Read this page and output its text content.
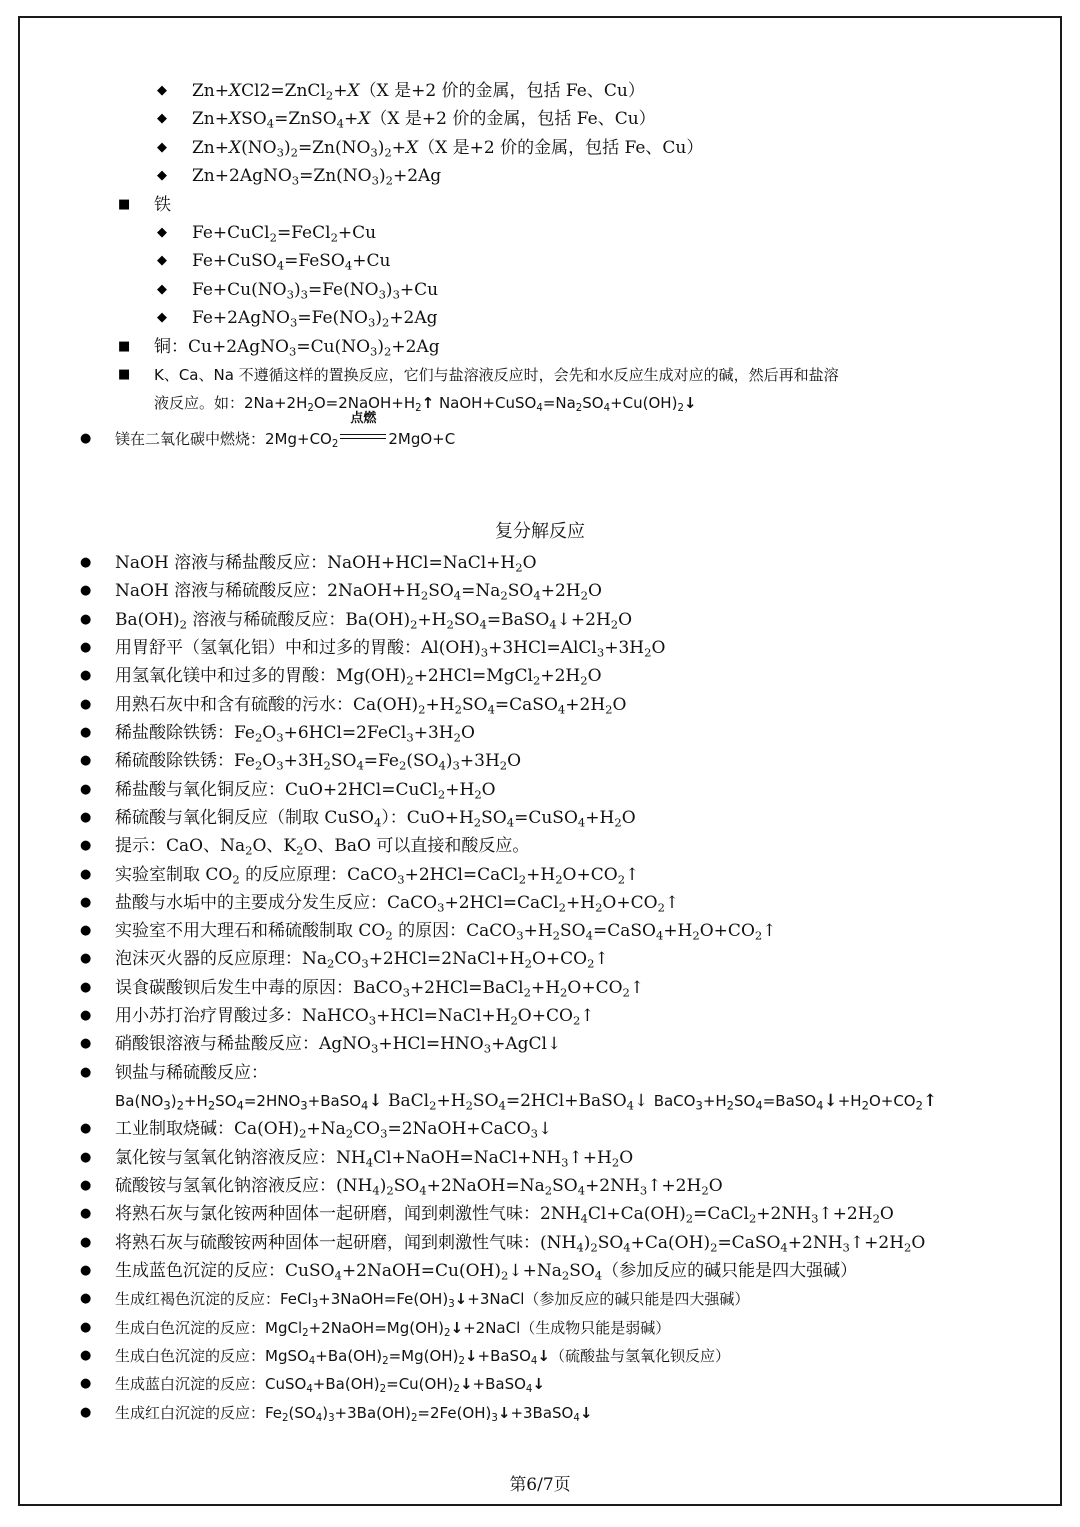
◆ Zn+XCl2=ZnCl$_2$+X（X 是+2 价的金属，包括 Fe、Cu）
◆ $Zn+XSO_4=ZnSO_4+X(X$ 是+2 价的金属，包括 Fe、Cu）
◆ $Zn+X(NO_3)_2=Zn(NO_3)_2+X(X$ 是+2 价的金属，包括 Fe、Cu）
◆ $Zn+2AgNO_3=Zn(NO_3)_2+2Ag$
■ 铁
◆ Fe+CuCl$_2$=FeCl$_2$+Cu
◆ Fe+CuSO$_4$=FeSO$_4$+Cu
◆ $Fe+Cu(NO_3)_3=Fe(NO_3)_3+Cu$
◆ $Fe+2AgNO_3=Fe(NO_3)_2+2Ag$
■ 铜：$Cu+2AgNO_3=Cu(NO_3)_2+2Ag$
■ K、Ca、Na 不遵循这样的置换反应，它们与盐溶液反应时，会先和水反应生成对应的碱，然后再和盐溶
液反应。如：$2Na+2H_2O=2NaOH+H_2↑$ $NaOH+CuSO_4=Na_2SO_4+Cu(OH)_2↓$
● 镁在二氧化碳中燃烧：$2Mg+CO_2$
点燃
2MgO+C
● NaOH 溶液与稀盐酸反应：$NaOH+HCl=NaCl+H_2O$
● NaOH 溶液与稀硫酸反应：$2NaOH+H_2SO_4=Na_2SO_4+2H_2O$
● $Ba(OH)_2$ 溶液与稀硫酸反应：$Ba(OH)_2+H_2SO_4=BaSO_4↓+2H_2O$
● 用胃舒平（氢氧化铝）中和过多的胃酸：$Al(OH)_3+3HCl=AlCl_3+3H_2O$
● 用氢氧化镁中和过多的胃酸：$Mg(OH)_2+2HCl=MgCl_2+2H_2O$
● 用熟石灰中和含有硫酸的污水：$Ca(OH)_2+H_2SO_4=CaSO_4+2H_2O$
● 稀盐酸除铁锈：$Fe_2O_3+6HCl=2FeCl_3+3H_2O$
● 稀硫酸除铁锈：$Fe_2O_3+3H_2SO_4=Fe_2(SO_4)_3+3H_2O$
● 稀盐酸与氧化铜反应：$CuO+2HCl=CuCl_2+H_2O$
● 稀硫酸与氧化铜反应（制取 CuSO$_4$）：$CuO+H_2SO_4=CuSO_4+H_2O$
● 提示：CaO、$Na_2O$、$K_2O$、BaO 可以直接和酸反应。
● 实验室制取 $CO_2$ 的反应原理：$CaCO_3+2HCl=CaCl_2+H_2O+CO_2↑$
● 盐酸与水垢中的主要成分发生反应：$CaCO_3+2HCl=CaCl_2+H_2O+CO_2↑$
● 实验室不用大理石和稀硫酸制取 $CO_2$ 的原因：$CaCO_3+H_2SO_4=CaSO_4+H_2O+CO_2↑$
● 泡沫灭火器的反应原理：$Na_2CO_3+2HCl=2NaCl+H_2O+CO_2↑$
● 误食碳酸钡后发生中毒的原因：$BaCO_3+2HCl=BaCl_2+H_2O+CO_2↑$
● 用小苏打治疗胃酸过多：$NaHCO_3+HCl=NaCl+H_2O+CO_2↑$
● 硝酸银溶液与稀盐酸反应：$AgNO_3+HCl=HNO_3+AgCl↓$
● 钡盐与稀硫酸反应：
$Ba(NO_3)_2+H_2SO_4=2HNO_3+BaSO_4↓$ $BaCl_2+H_2SO_4=2HCl+BaSO_4↓$ $BaCO_3+H_2SO_4=BaSO_4↓+H_2O+CO_2↑$
● 工业制取烧碱：$Ca(OH)_2+Na_2CO_3=2NaOH+CaCO_3↓$
● 氯化铵与氢氧化钠溶液反应：$NH_4Cl+NaOH=NaCl+NH_3↑+H_2O$
● 硫酸铵与氢氧化钠溶液反应：$(NH_4)_2SO_4+2NaOH=Na_2SO_4+2NH_3↑+2H_2O$
● 将熟石灰与氯化铵两种固体一起研磨，闻到刺激性气味：$2NH_4Cl+Ca(OH)_2=CaCl_2+2NH_3↑+2H_2O$
● 将熟石灰与硫酸铵两种固体一起研磨，闻到刺激性气味：$(NH_4)_2SO_4+Ca(OH)_2=CaSO_4+2NH_3↑+2H_2O$
● 生成蓝色沉淀的反应：$CuSO_4+2NaOH=Cu(OH)_2↓+Na_2SO_4$（参加反应的碱只能是四大强碱）
● 生成红褐色沉淀的反应：$FeCl_3+3NaOH=Fe(OH)_3↓+3NaCl$（参加反应的碱只能是四大强碱）
● 生成白色沉淀的反应：$MgCl_2+2NaOH=Mg(OH)_2↓+2NaCl$（生成物只能是弱碱）
● 生成白色沉淀的反应：$MgSO_4+Ba(OH)_2=Mg(OH)_2↓+BaSO_4↓$（硫酸盐与氢氧化钡反应）
● 生成蓝白沉淀的反应：$CuSO_4+Ba(OH)_2=Cu(OH)_2↓+BaSO_4↓$
● 生成红白沉淀的反应：$Fe_2(SO_4)_3+3Ba(OH)_2=2Fe(OH)_3↓+3BaSO_4↓$
复分解反应
第6/7页
